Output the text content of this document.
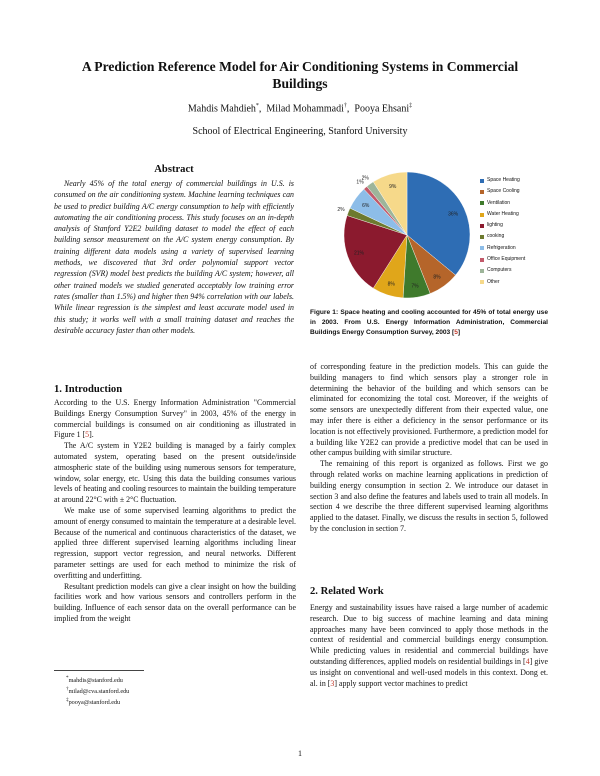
A Prediction Reference Model for Air Conditioning Systems in Commercial Buildings
Mahdis Mahdieh*,  Milad Mohammadi†,  Pooya Ehsani‡
School of Electrical Engineering, Stanford University
Abstract

Nearly 45% of the total energy of commercial buildings in U.S. is consumed on the air conditioning system. Machine learning techniques can be used to predict building A/C energy consumption to help with efficiently automating the air conditioning process. This study focuses on an in-depth analysis of Stanford Y2E2 building dataset to model the effect of each building sensor measurement on the A/C system energy consumption. By training different data models using a variety of supervised learning methods, we discovered that 3rd order polynomial support vector regression (SVR) model best predicts the building A/C system; however, all other trained models we studied generated acceptably low training error rates (smaller than 1.5%) and higher then 94% correlation with our labels. While linear regression is the simplest and least accurate model used in this study; it works well with a small training dataset and reaches the desirable accuracy faster than other models.

1. Introduction

According to the U.S. Energy Information Administration "Commercial Buildings Energy Consumption Survey" in 2003, 45% of the energy in commercial buildings is consumed on air conditioning as illustrated in Figure 1 [5].

The A/C system in Y2E2 building is managed by a fairly complex automated system, operating based on the present outside/inside atmospheric state of the building using numerous sensors for temperature, window, solar energy, etc. Using this data the building consumes various levels of heating and cooling resources to maintain the building temperature at around 22°C with ± 2°C fluctuation.

We make use of some supervised learning algorithms to predict the amount of energy consumed to maintain the temperature at a desirable level. Because of the numerical and continuous characteristics of the dataset, we applied three different supervised learning algorithms including linear regression, support vector regression, and neural networks. Different parameter settings are used for each method to minimize the risk of overfitting and underfitting.

Resultant prediction models can give a clear insight on how the building facilities work and how various sensors and controllers perform in the building. Influence of each sensor data on the overall performance can be implied from the weight

*mahdis@stanford.edu
†milad@cva.stanford.edu
‡pooya@stanford.edu
36%
8%
7%
8%
21%
2%
6%
1%
2%
9%
Space Heating
Space Cooling
Ventilation
Water Heating
lighting
cooking
Refrigeration
Office Equipment
Computers
Other
Figure 1: Space heating and cooling accounted for 45% of total energy use in 2003. From U.S. Energy Information Administration, Commercial Buildings Energy Consumption Survey, 2003 [5]

of corresponding feature in the prediction models. This can guide the building managers to find which sensors play a stronger role in determining the behavior of the building and which sensors can be eliminated for economizing the total cost. Moreover, if the weights of some sensors are unexpectedly different from their expected value, one may infer there is either a deficiency in the sensor performance or its location is not effectively provisioned. Furthermore, a prediction model for a building like Y2E2 can provide a predictive model that can be used in other campus building with similar structure.

The remaining of this report is organized as follows. First we go through related works on machine learning applications in prediction of building energy consumption in section 2. We introduce our dataset in section 3 and also define the features and labels used to train all models. In section 4 we describe the three different supervised learning algorithms applied to the dataset. Finally, we discuss the results in section 5, followed by the conclusion in section 7.

2. Related Work

Energy and sustainability issues have raised a large number of academic research. Due to big success of machine learning and data mining approaches many have been convinced to apply those methods in the context of residential and commercial buildings energy consumption. While predicting values in residential and commercial buildings have outstanding differences, applied models on residential buildings in [4] give us insight on conventional and well-used models in this context. Dong et. al. in [3] apply support vector machines to predict

1
